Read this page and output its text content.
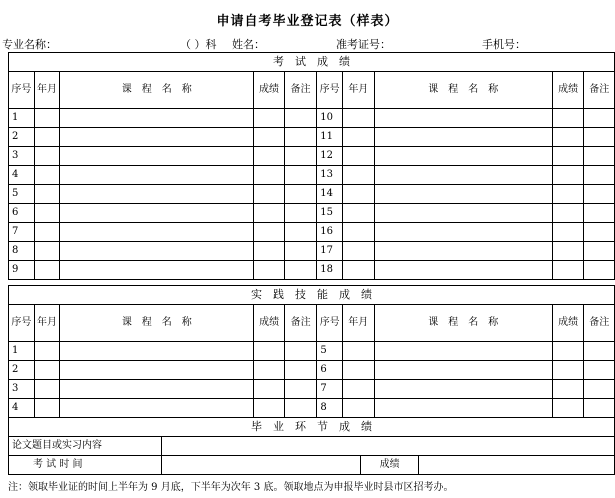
申请自考毕业登记表（样表）
专业名称：	（ ）科 姓名：	准考证号：	手机号：
考　试　成　绩									
序号	年月	课　程　名　称	成绩	备注	序号	年月	课　程　名　称	成绩	备注
1					10				
2					11				
3					12				
4					13				
5					14				
6					15				
7					16				
8					17				
9					18				
实　践　技　能　成　绩									
序号	年月	课　程　名　称	成绩	备注	序号	年月	课　程　名　称	成绩	备注
1					5				
2					6				
3					7				
4					8				
毕　业　环　节　成　绩			
论文题目或实习内容			
考 试 时 间		成绩	
注：领取毕业证的时间上半年为 9 月底，下半年为次年 3 底。领取地点为申报毕业时县市区招考办。
